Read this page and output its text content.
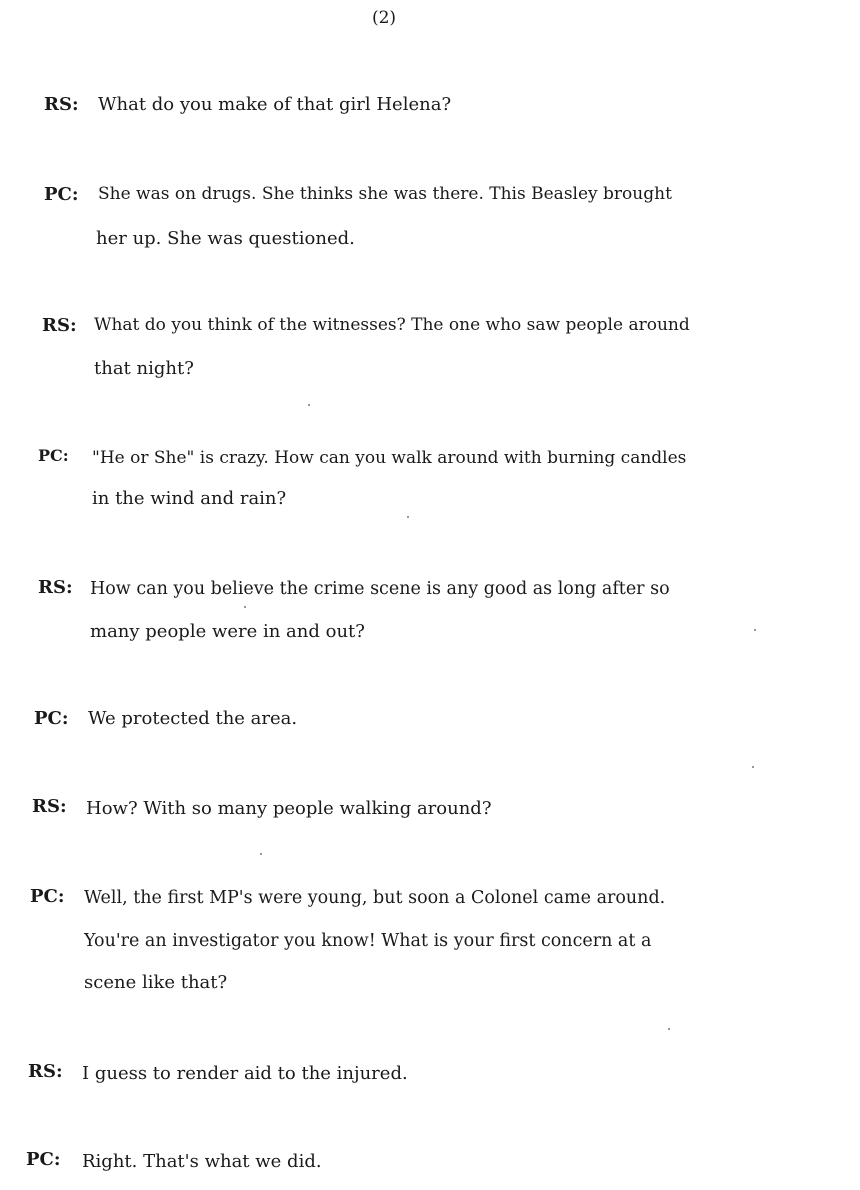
(2)
RS: What do you make of that girl Helena?
PC: She was on drugs. She thinks she was there. This Beasley brought
her up. She was questioned.
RS: What do you think of the witnesses? The one who saw people around
that night?
PC: "He or She" is crazy. How can you walk around with burning candles
in the wind and rain?
RS: How can you believe the crime scene is any good as long after so
many people were in and out?
PC: We protected the area.
RS: How? With so many people walking around?
PC: Well, the first MP's were young, but soon a Colonel came around.
You're an investigator you know! What is your first concern at a
scene like that?
RS: I guess to render aid to the injured.
PC: Right. That's what we did.
